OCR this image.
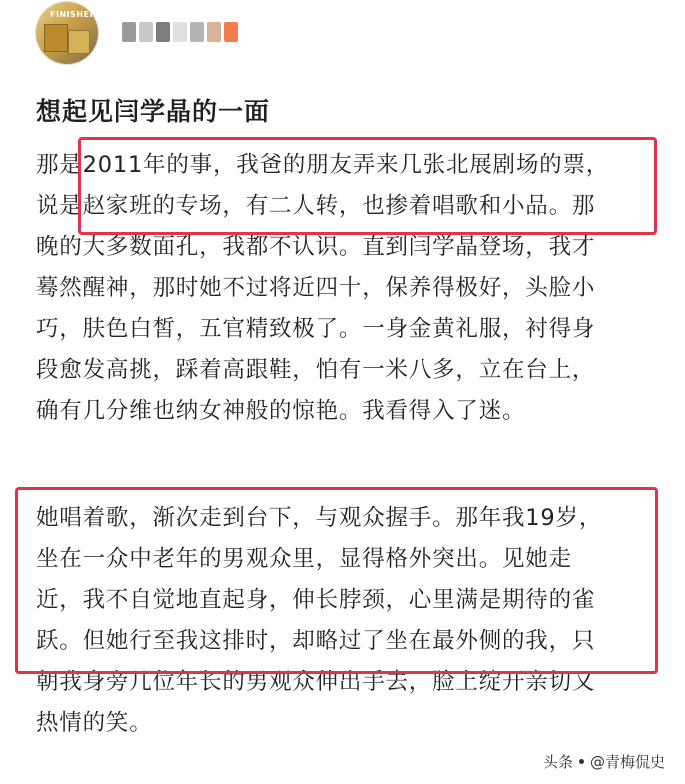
FINISHER
想起见闫学晶的一面
那是2011年的事，我爸的朋友弄来几张北展剧场的票，
说是赵家班的专场，有二人转，也掺着唱歌和小品。那
晚的大多数面孔，我都不认识。直到闫学晶登场，我才
蓦然醒神，那时她不过将近四十，保养得极好，头脸小
巧，肤色白皙，五官精致极了。一身金黄礼服，衬得身
段愈发高挑，踩着高跟鞋，怕有一米八多，立在台上，
确有几分维也纳女神般的惊艳。我看得入了迷。
她唱着歌，渐次走到台下，与观众握手。那年我19岁，
坐在一众中老年的男观众里，显得格外突出。见她走
近，我不自觉地直起身，伸长脖颈，心里满是期待的雀
跃。但她行至我这排时，却略过了坐在最外侧的我，只
朝我身旁几位年长的男观众伸出手去，脸上绽开亲切又
热情的笑。
头条 @青梅侃史
